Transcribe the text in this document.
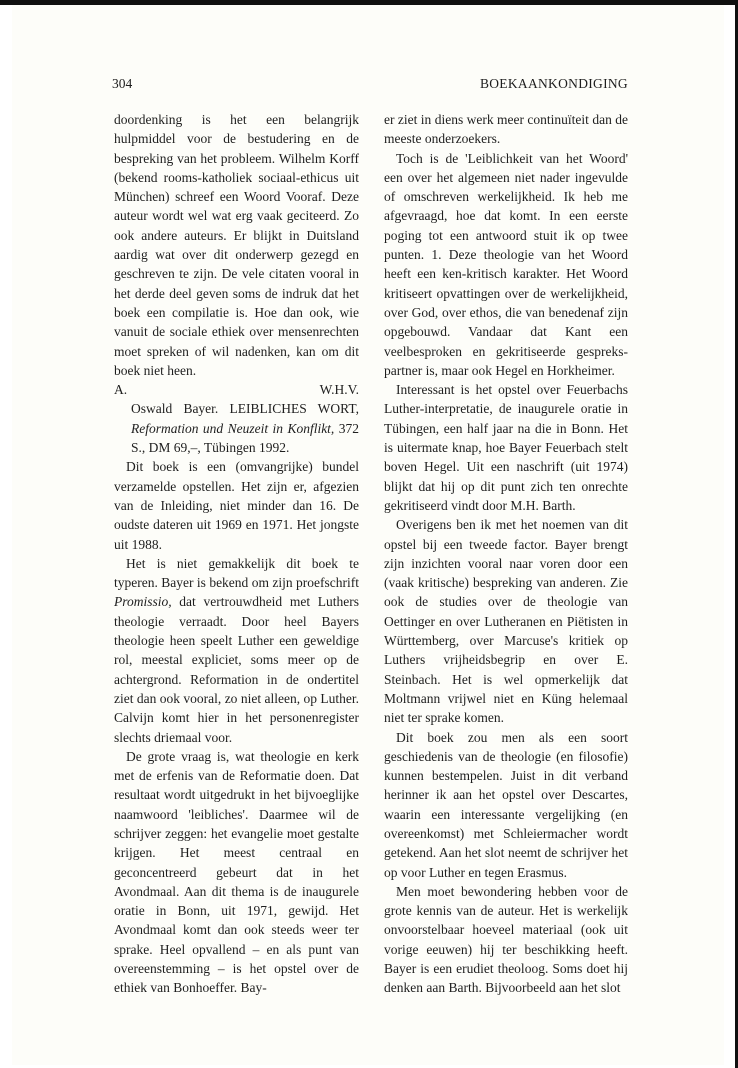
304	BOEKAANKONDIGING

doordenking is het een belangrijk hulpmiddel voor de bestudering en de bespreking van het probleem. Wilhelm Korff (bekend rooms-katholiek sociaal-ethicus uit München) schreef een Woord Vooraf. Deze auteur wordt wel wat erg vaak geciteerd. Zo ook andere auteurs. Er blijkt in Duitsland aardig wat over dit onderwerp gezegd en geschreven te zijn. De vele citaten vooral in het derde deel geven soms de indruk dat het boek een compilatie is. Hoe dan ook, wie vanuit de sociale ethiek over mensenrechten moet spreken of wil nadenken, kan om dit boek niet heen.

A.	W.H.V.

Oswald Bayer. LEIBLICHES WORT, Reformation und Neuzeit in Konflikt, 372 S., DM 69,–, Tübingen 1992.

Dit boek is een (omvangrijke) bundel verzamelde opstellen. Het zijn er, afgezien van de Inleiding, niet minder dan 16. De oudste dateren uit 1969 en 1971. Het jongste uit 1988.

Het is niet gemakkelijk dit boek te typeren. Bayer is bekend om zijn proefschrift Promissio, dat vertrouwdheid met Luthers theologie verraadt. Door heel Bayers theologie heen speelt Luther een geweldige rol, meestal expliciet, soms meer op de achtergrond. Reformation in de ondertitel ziet dan ook vooral, zo niet alleen, op Luther. Calvijn komt hier in het personenregister slechts driemaal voor.

De grote vraag is, wat theologie en kerk met de erfenis van de Reformatie doen. Dat resultaat wordt uitgedrukt in het bijvoeglijke naamwoord 'leibliches'. Daarmee wil de schrijver zeggen: het evangelie moet gestalte krijgen. Het meest centraal en geconcentreerd gebeurt dat in het Avondmaal. Aan dit thema is de inaugurele oratie in Bonn, uit 1971, gewijd. Het Avondmaal komt dan ook steeds weer ter sprake. Heel opvallend – en als punt van overeenstemming – is het opstel over de ethiek van Bonhoeffer. Bay-

er ziet in diens werk meer continuïteit dan de meeste onderzoekers.

Toch is de 'Leiblichkeit van het Woord' een over het algemeen niet nader ingevulde of omschreven werkelijkheid. Ik heb me afgevraagd, hoe dat komt. In een eerste poging tot een antwoord stuit ik op twee punten. 1. Deze theologie van het Woord heeft een ken-kritisch karakter. Het Woord kritiseert opvattingen over de werkelijkheid, over God, over ethos, die van benedenaf zijn opgebouwd. Vandaar dat Kant een veelbesproken en gekritiseerde gespreks-partner is, maar ook Hegel en Horkheimer.

Interessant is het opstel over Feuerbachs Luther-interpretatie, de inaugurele oratie in Tübingen, een half jaar na die in Bonn. Het is uitermate knap, hoe Bayer Feuerbach stelt boven Hegel. Uit een naschrift (uit 1974) blijkt dat hij op dit punt zich ten onrechte gekritiseerd vindt door M.H. Barth.

Overigens ben ik met het noemen van dit opstel bij een tweede factor. Bayer brengt zijn inzichten vooral naar voren door een (vaak kritische) bespreking van anderen. Zie ook de studies over de theologie van Oettinger en over Lutheranen en Piëtisten in Württemberg, over Marcuse's kritiek op Luthers vrijheidsbegrip en over E. Steinbach. Het is wel opmerkelijk dat Moltmann vrijwel niet en Küng helemaal niet ter sprake komen.

Dit boek zou men als een soort geschiedenis van de theologie (en filosofie) kunnen bestempelen. Juist in dit verband herinner ik aan het opstel over Descartes, waarin een interessante vergelijking (en overeenkomst) met Schleiermacher wordt getekend. Aan het slot neemt de schrijver het op voor Luther en tegen Erasmus.

Men moet bewondering hebben voor de grote kennis van de auteur. Het is werkelijk onvoorstelbaar hoeveel materiaal (ook uit vorige eeuwen) hij ter beschikking heeft. Bayer is een erudiet theoloog. Soms doet hij denken aan Barth. Bijvoorbeeld aan het slot
